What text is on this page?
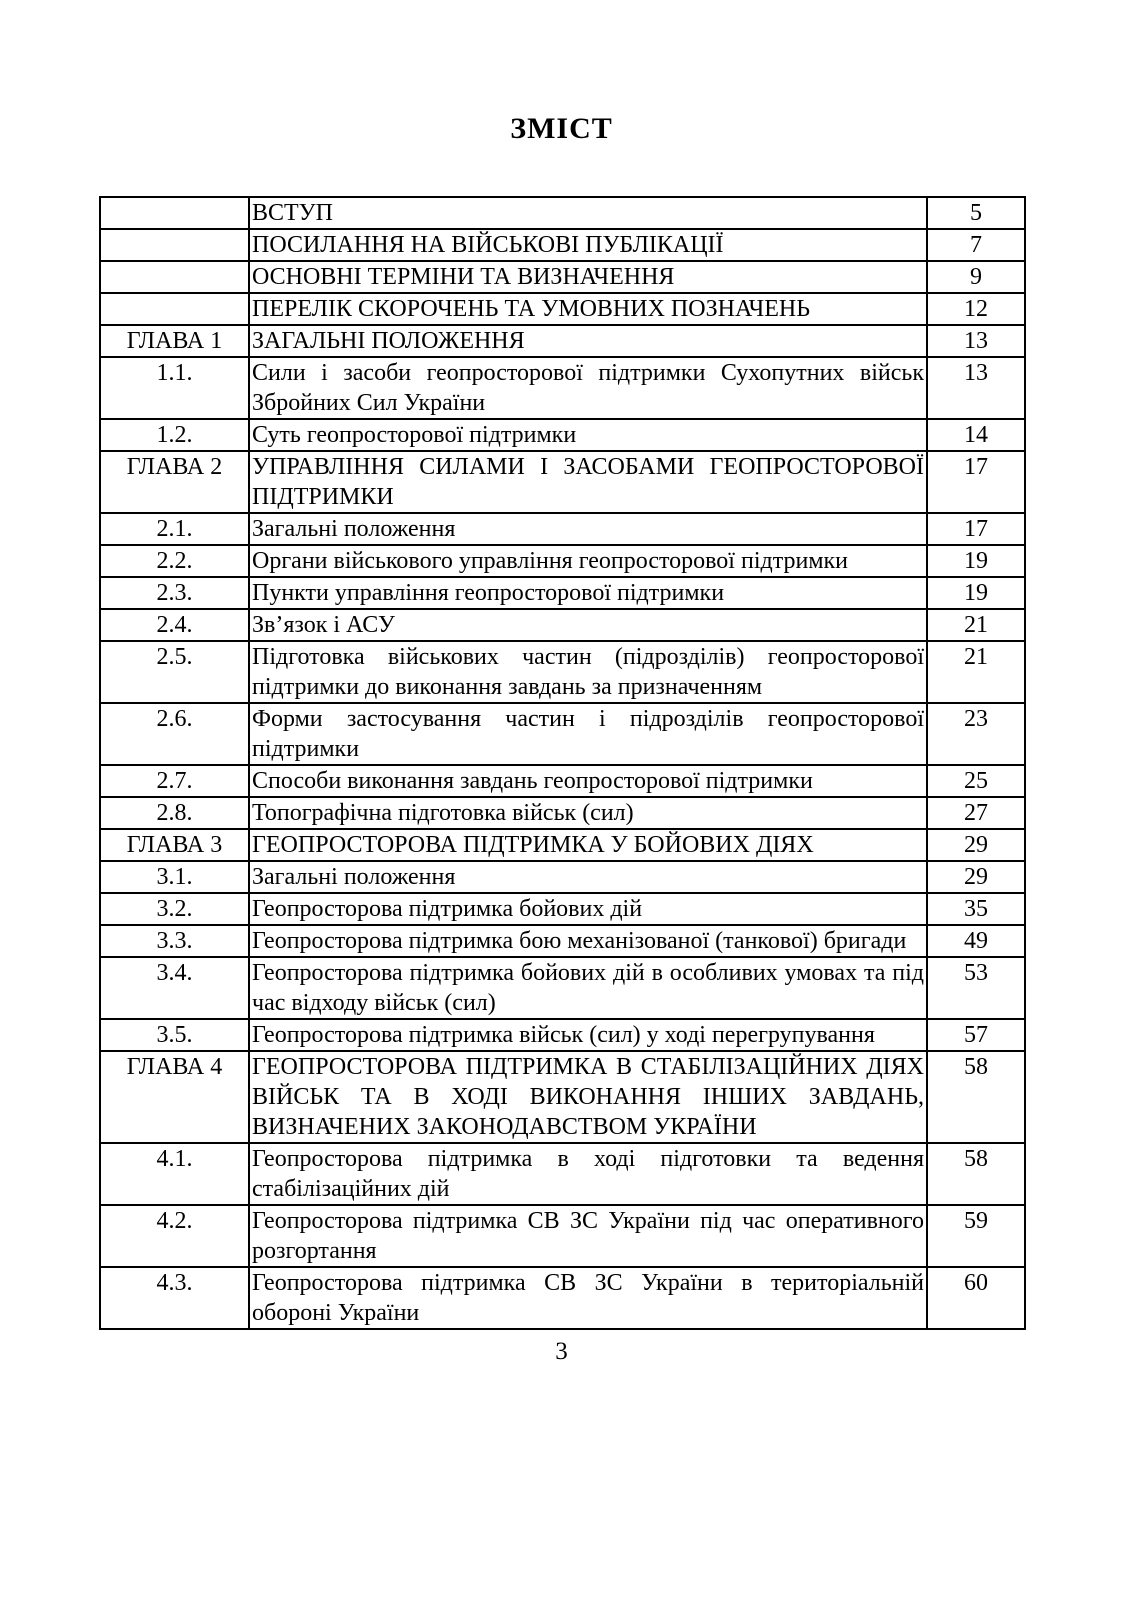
ЗМІСТ
	ВСТУП	5
	ПОСИЛАННЯ НА ВІЙСЬКОВІ ПУБЛІКАЦІЇ	7
	ОСНОВНІ ТЕРМІНИ ТА ВИЗНАЧЕННЯ	9
	ПЕРЕЛІК СКОРОЧЕНЬ ТА УМОВНИХ ПОЗНАЧЕНЬ	12
ГЛАВА 1	ЗАГАЛЬНІ ПОЛОЖЕННЯ	13
1.1.	Сили і засоби геопросторової підтримки Сухопутних військ Збройних Сил України	13
1.2.	Суть геопросторової підтримки	14
ГЛАВА 2	УПРАВЛІННЯ СИЛАМИ І ЗАСОБАМИ ГЕОПРОСТОРОВОЇ ПІДТРИМКИ	17
2.1.	Загальні положення	17
2.2.	Органи військового управління геопросторової підтримки	19
2.3.	Пункти управління геопросторової підтримки	19
2.4.	Зв’язок і АСУ	21
2.5.	Підготовка військових частин (підрозділів) геопросторової підтримки до виконання завдань за призначенням	21
2.6.	Форми застосування частин і підрозділів геопросторової підтримки	23
2.7.	Способи виконання завдань геопросторової підтримки	25
2.8.	Топографічна підготовка військ (сил)	27
ГЛАВА 3	ГЕОПРОСТОРОВА ПІДТРИМКА У БОЙОВИХ ДІЯХ	29
3.1.	Загальні положення	29
3.2.	Геопросторова підтримка бойових дій	35
3.3.	Геопросторова підтримка бою механізованої (танкової) бригади	49
3.4.	Геопросторова підтримка бойових дій в особливих умовах та під час відходу військ (сил)	53
3.5.	Геопросторова підтримка військ (сил) у ході перегрупування	57
ГЛАВА 4	ГЕОПРОСТОРОВА ПІДТРИМКА В СТАБІЛІЗАЦІЙНИХ ДІЯХ ВІЙСЬК ТА В ХОДІ ВИКОНАННЯ ІНШИХ ЗАВДАНЬ, ВИЗНАЧЕНИХ ЗАКОНОДАВСТВОМ УКРАЇНИ	58
4.1.	Геопросторова підтримка в ході підготовки та ведення стабілізаційних дій	58
4.2.	Геопросторова підтримка СВ ЗС України під час оперативного розгортання	59
4.3.	Геопросторова підтримка СВ ЗС України в територіальній обороні України	60
3
